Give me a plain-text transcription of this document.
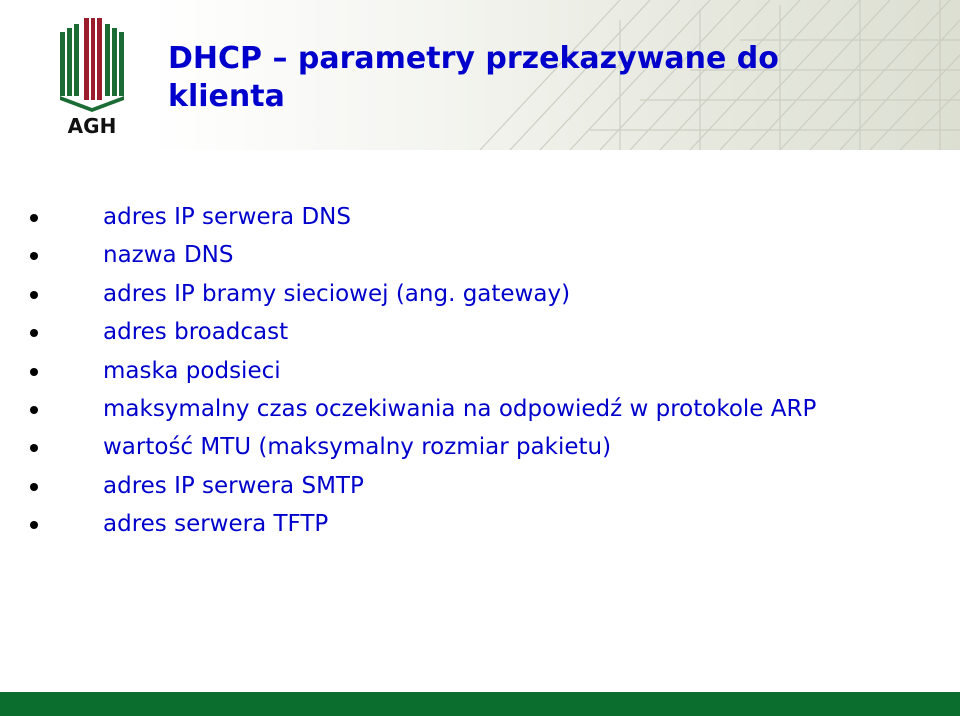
AGH
DHCP – parametry przekazywane do klienta
adres IP serwera DNS
nazwa DNS
adres IP bramy sieciowej (ang. gateway)
adres broadcast
maska podsieci
maksymalny czas oczekiwania na odpowiedź w protokole ARP
wartość MTU (maksymalny rozmiar pakietu)
adres IP serwera SMTP
adres serwera TFTP
